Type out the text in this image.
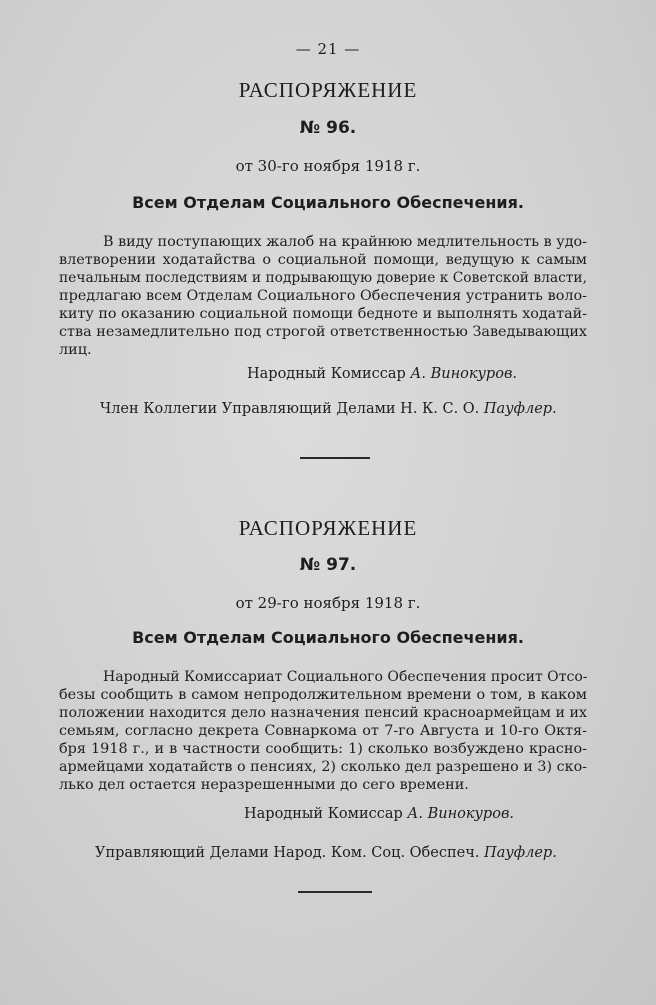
— 21 —
РАСПОРЯЖЕНИЕ
№ 96.
от 30-го ноября 1918 г.
Всем Отделам Социального Обеспечения.
В виду поступающих жалоб на крайнюю медлительность в удо-
влетворении ходатайства о социальной помощи, ведущую к самым
печальным последствиям и подрывающую доверие к Советской власти,
предлагаю всем Отделам Социального Обеспечения устранить воло-
киту по оказанию социальной помощи бедноте и выполнять ходатай-
ства незамедлительно под строгой ответственностью Заведывающих
лиц.
Народный Комиссар А. Винокуров.
Член Коллегии Управляющий Делами Н. К. С. О. Пауфлер.
РАСПОРЯЖЕНИЕ
№ 97.
от 29-го ноября 1918 г.
Всем Отделам Социального Обеспечения.
Народный Комиссариат Социального Обеспечения просит Отсо-
безы сообщить в самом непродолжительном времени о том, в каком
положении находится дело назначения пенсий красноармейцам и их
семьям, согласно декрета Совнаркома от 7-го Августа и 10-го Октя-
бря 1918 г., и в частности сообщить: 1) сколько возбуждено красно-
армейцами ходатайств о пенсиях, 2) сколько дел разрешено и 3) ско-
лько дел остается неразрешенными до сего времени.
Народный Комиссар А. Винокуров.
Управляющий Делами Народ. Ком. Соц. Обеспеч. Пауфлер.
